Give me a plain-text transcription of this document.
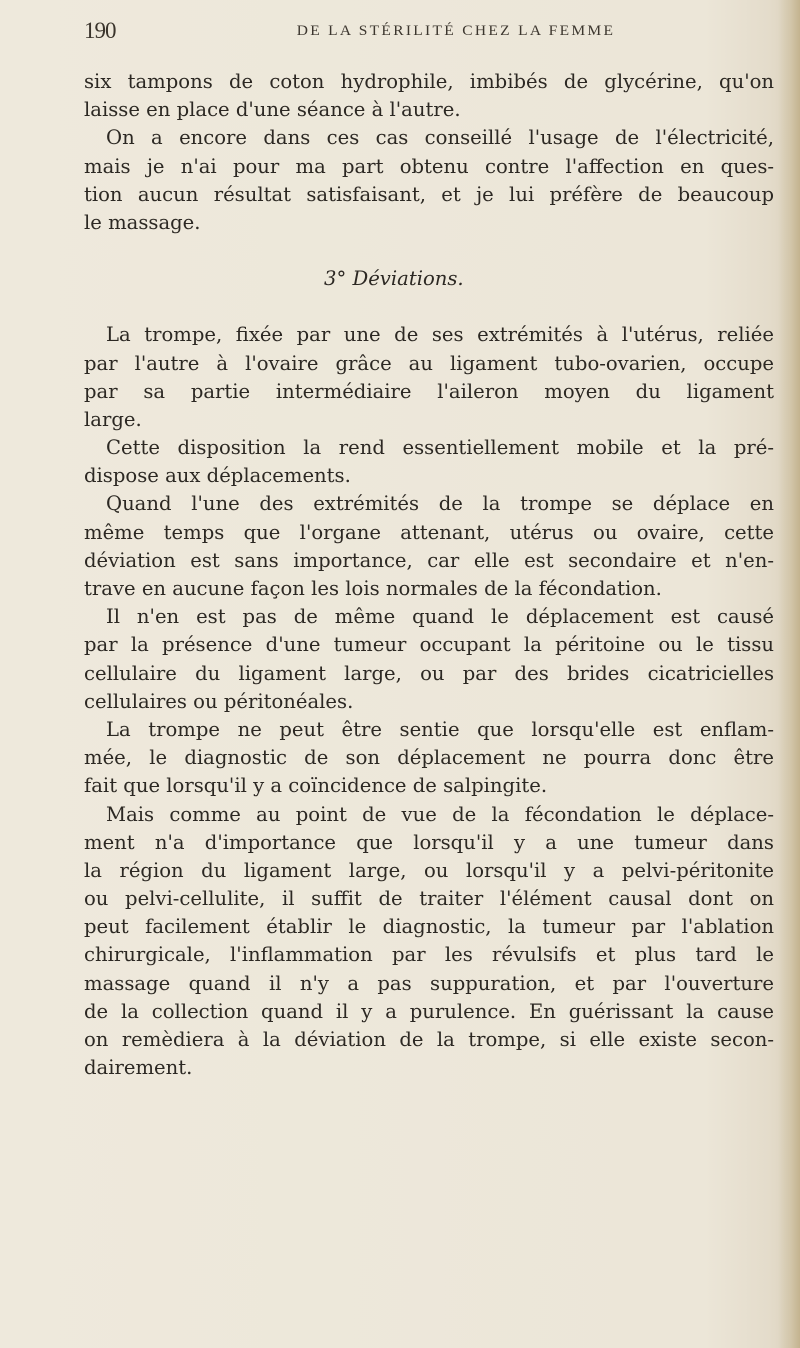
190	DE LA STÉRILITÉ CHEZ LA FEMME
six tampons de coton hydrophile, imbibés de glycérine, qu'on
laisse en place d'une séance à l'autre.
On a encore dans ces cas conseillé l'usage de l'électricité,
mais je n'ai pour ma part obtenu contre l'affection en ques-
tion aucun résultat satisfaisant, et je lui préfère de beaucoup
le massage.
3° Déviations.
La trompe, fixée par une de ses extrémités à l'utérus, reliée
par l'autre à l'ovaire grâce au ligament tubo-ovarien, occupe
par sa partie intermédiaire l'aileron moyen du ligament
large.
Cette disposition la rend essentiellement mobile et la pré-
dispose aux déplacements.
Quand l'une des extrémités de la trompe se déplace en
même temps que l'organe attenant, utérus ou ovaire, cette
déviation est sans importance, car elle est secondaire et n'en-
trave en aucune façon les lois normales de la fécondation.
Il n'en est pas de même quand le déplacement est causé
par la présence d'une tumeur occupant la péritoine ou le tissu
cellulaire du ligament large, ou par des brides cicatricielles
cellulaires ou péritonéales.
La trompe ne peut être sentie que lorsqu'elle est enflam-
mée, le diagnostic de son déplacement ne pourra donc être
fait que lorsqu'il y a coïncidence de salpingite.
Mais comme au point de vue de la fécondation le déplace-
ment n'a d'importance que lorsqu'il y a une tumeur dans
la région du ligament large, ou lorsqu'il y a pelvi-péritonite
ou pelvi-cellulite, il suffit de traiter l'élément causal dont on
peut facilement établir le diagnostic, la tumeur par l'ablation
chirurgicale, l'inflammation par les révulsifs et plus tard le
massage quand il n'y a pas suppuration, et par l'ouverture
de la collection quand il y a purulence. En guérissant la cause
on remèdiera à la déviation de la trompe, si elle existe secon-
dairement.
